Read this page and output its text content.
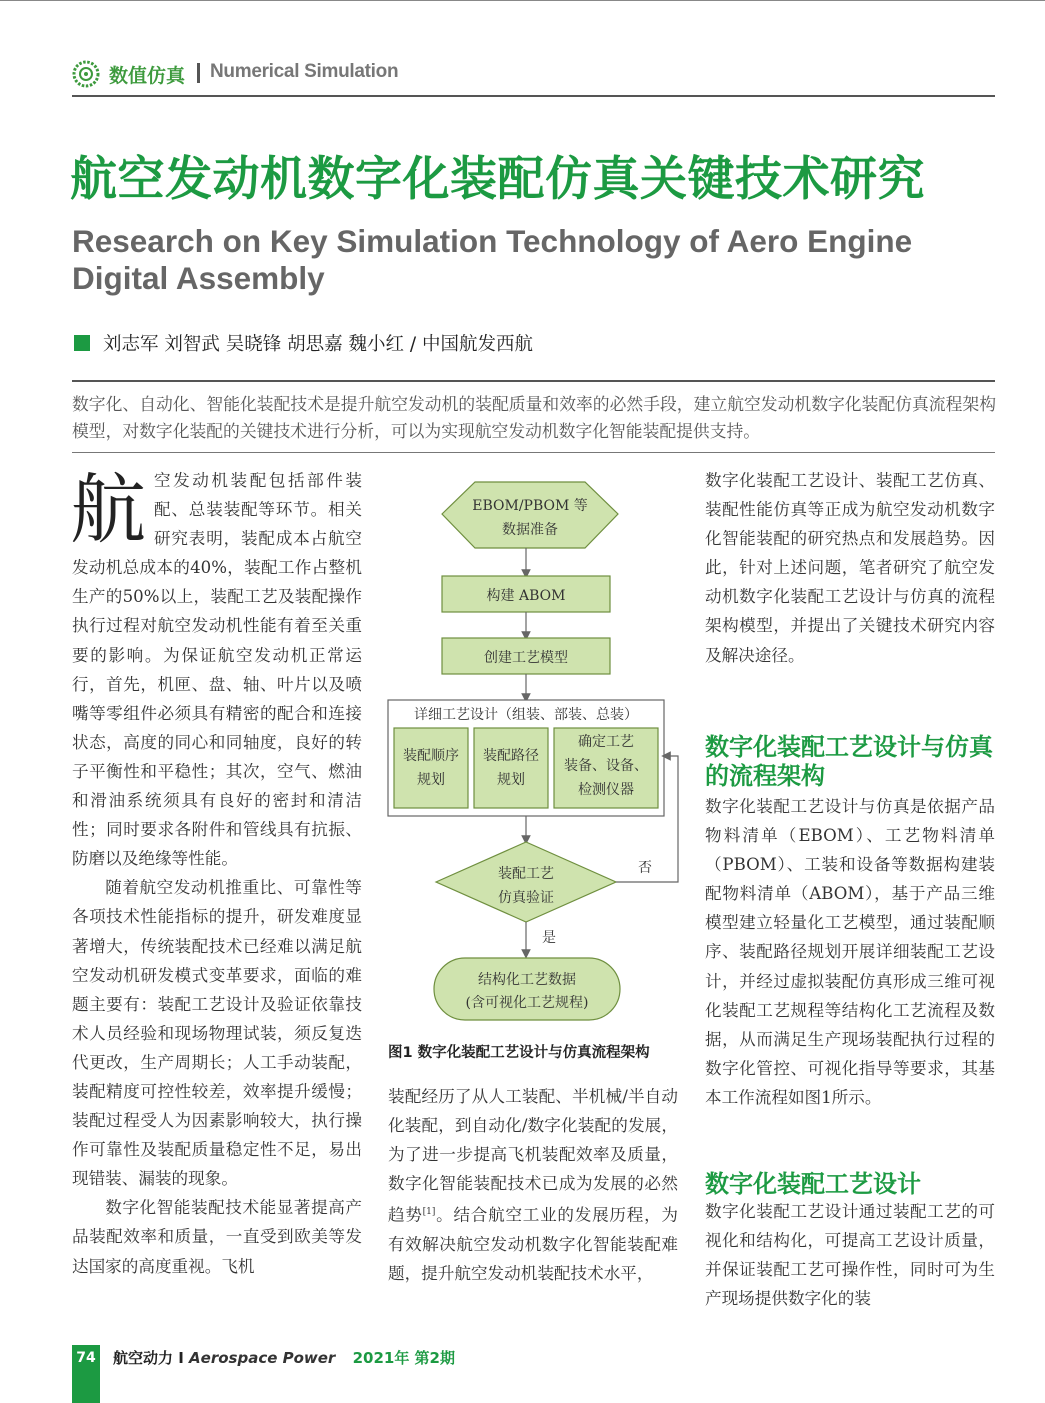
数值仿真 Numerical Simulation
航空发动机数字化装配仿真关键技术研究
Research on Key Simulation Technology of Aero Engine Digital Assembly
刘志军 刘智武 吴晓锋 胡思嘉 魏小红 / 中国航发西航
数字化、自动化、智能化装配技术是提升航空发动机的装配质量和效率的必然手段，建立航空发动机数字化装配仿真流程架构模型，对数字化装配的关键技术进行分析，可以为实现航空发动机数字化智能装配提供支持。

航空发动机装配包括部件装配、总装装配等环节。相关研究表明，装配成本占航空发动机总成本的40%，装配工作占整机生产的50%以上，装配工艺及装配操作执行过程对航空发动机性能有着至关重要的影响。为保证航空发动机正常运行，首先，机匣、盘、轴、叶片以及喷嘴等零组件必须具有精密的配合和连接状态，高度的同心和同轴度，良好的转子平衡性和平稳性；其次，空气、燃油和滑油系统须具有良好的密封和清洁性；同时要求各附件和管线具有抗振、防磨以及绝缘等性能。

随着航空发动机推重比、可靠性等各项技术性能指标的提升，研发难度显著增大，传统装配技术已经难以满足航空发动机研发模式变革要求，面临的难题主要有：装配工艺设计及验证依靠技术人员经验和现场物理试装，须反复迭代更改，生产周期长；人工手动装配，装配精度可控性较差，效率提升缓慢；装配过程受人为因素影响较大，执行操作可靠性及装配质量稳定性不足，易出现错装、漏装的现象。

数字化智能装配技术能显著提高产品装配效率和质量，一直受到欧美等发达国家的高度重视。飞机

EBOM/PBOM 等
数据准备
构建 ABOM
创建工艺模型
详细工艺设计（组装、部装、总装）
装配顺序
规划
装配路径
规划
确定工艺
装备、设备、
检测仪器
装配工艺
仿真验证
否
是
结构化工艺数据
(含可视化工艺规程)
图1 数字化装配工艺设计与仿真流程架构

装配经历了从人工装配、半机械/半自动化装配，到自动化/数字化装配的发展，为了进一步提高飞机装配效率及质量，数字化智能装配技术已成为发展的必然趋势[1]。结合航空工业的发展历程，为有效解决航空发动机数字化智能装配难题，提升航空发动机装配技术水平，

数字化装配工艺设计、装配工艺仿真、装配性能仿真等正成为航空发动机数字化智能装配的研究热点和发展趋势。因此，针对上述问题，笔者研究了航空发动机数字化装配工艺设计与仿真的流程架构模型，并提出了关键技术研究内容及解决途径。

数字化装配工艺设计与仿真的流程架构

数字化装配工艺设计与仿真是依据产品物料清单（EBOM）、工艺物料清单（PBOM）、工装和设备等数据构建装配物料清单（ABOM），基于产品三维模型建立轻量化工艺模型，通过装配顺序、装配路径规划开展详细装配工艺设计，并经过虚拟装配仿真形成三维可视化装配工艺规程等结构化工艺流程及数据，从而满足生产现场装配执行过程的数字化管控、可视化指导等要求，其基本工作流程如图1所示。

数字化装配工艺设计

数字化装配工艺设计通过装配工艺的可视化和结构化，可提高工艺设计质量，并保证装配工艺可操作性，同时可为生产现场提供数字化的装

74 航空动力 I Aerospace Power 2021年 第2期
